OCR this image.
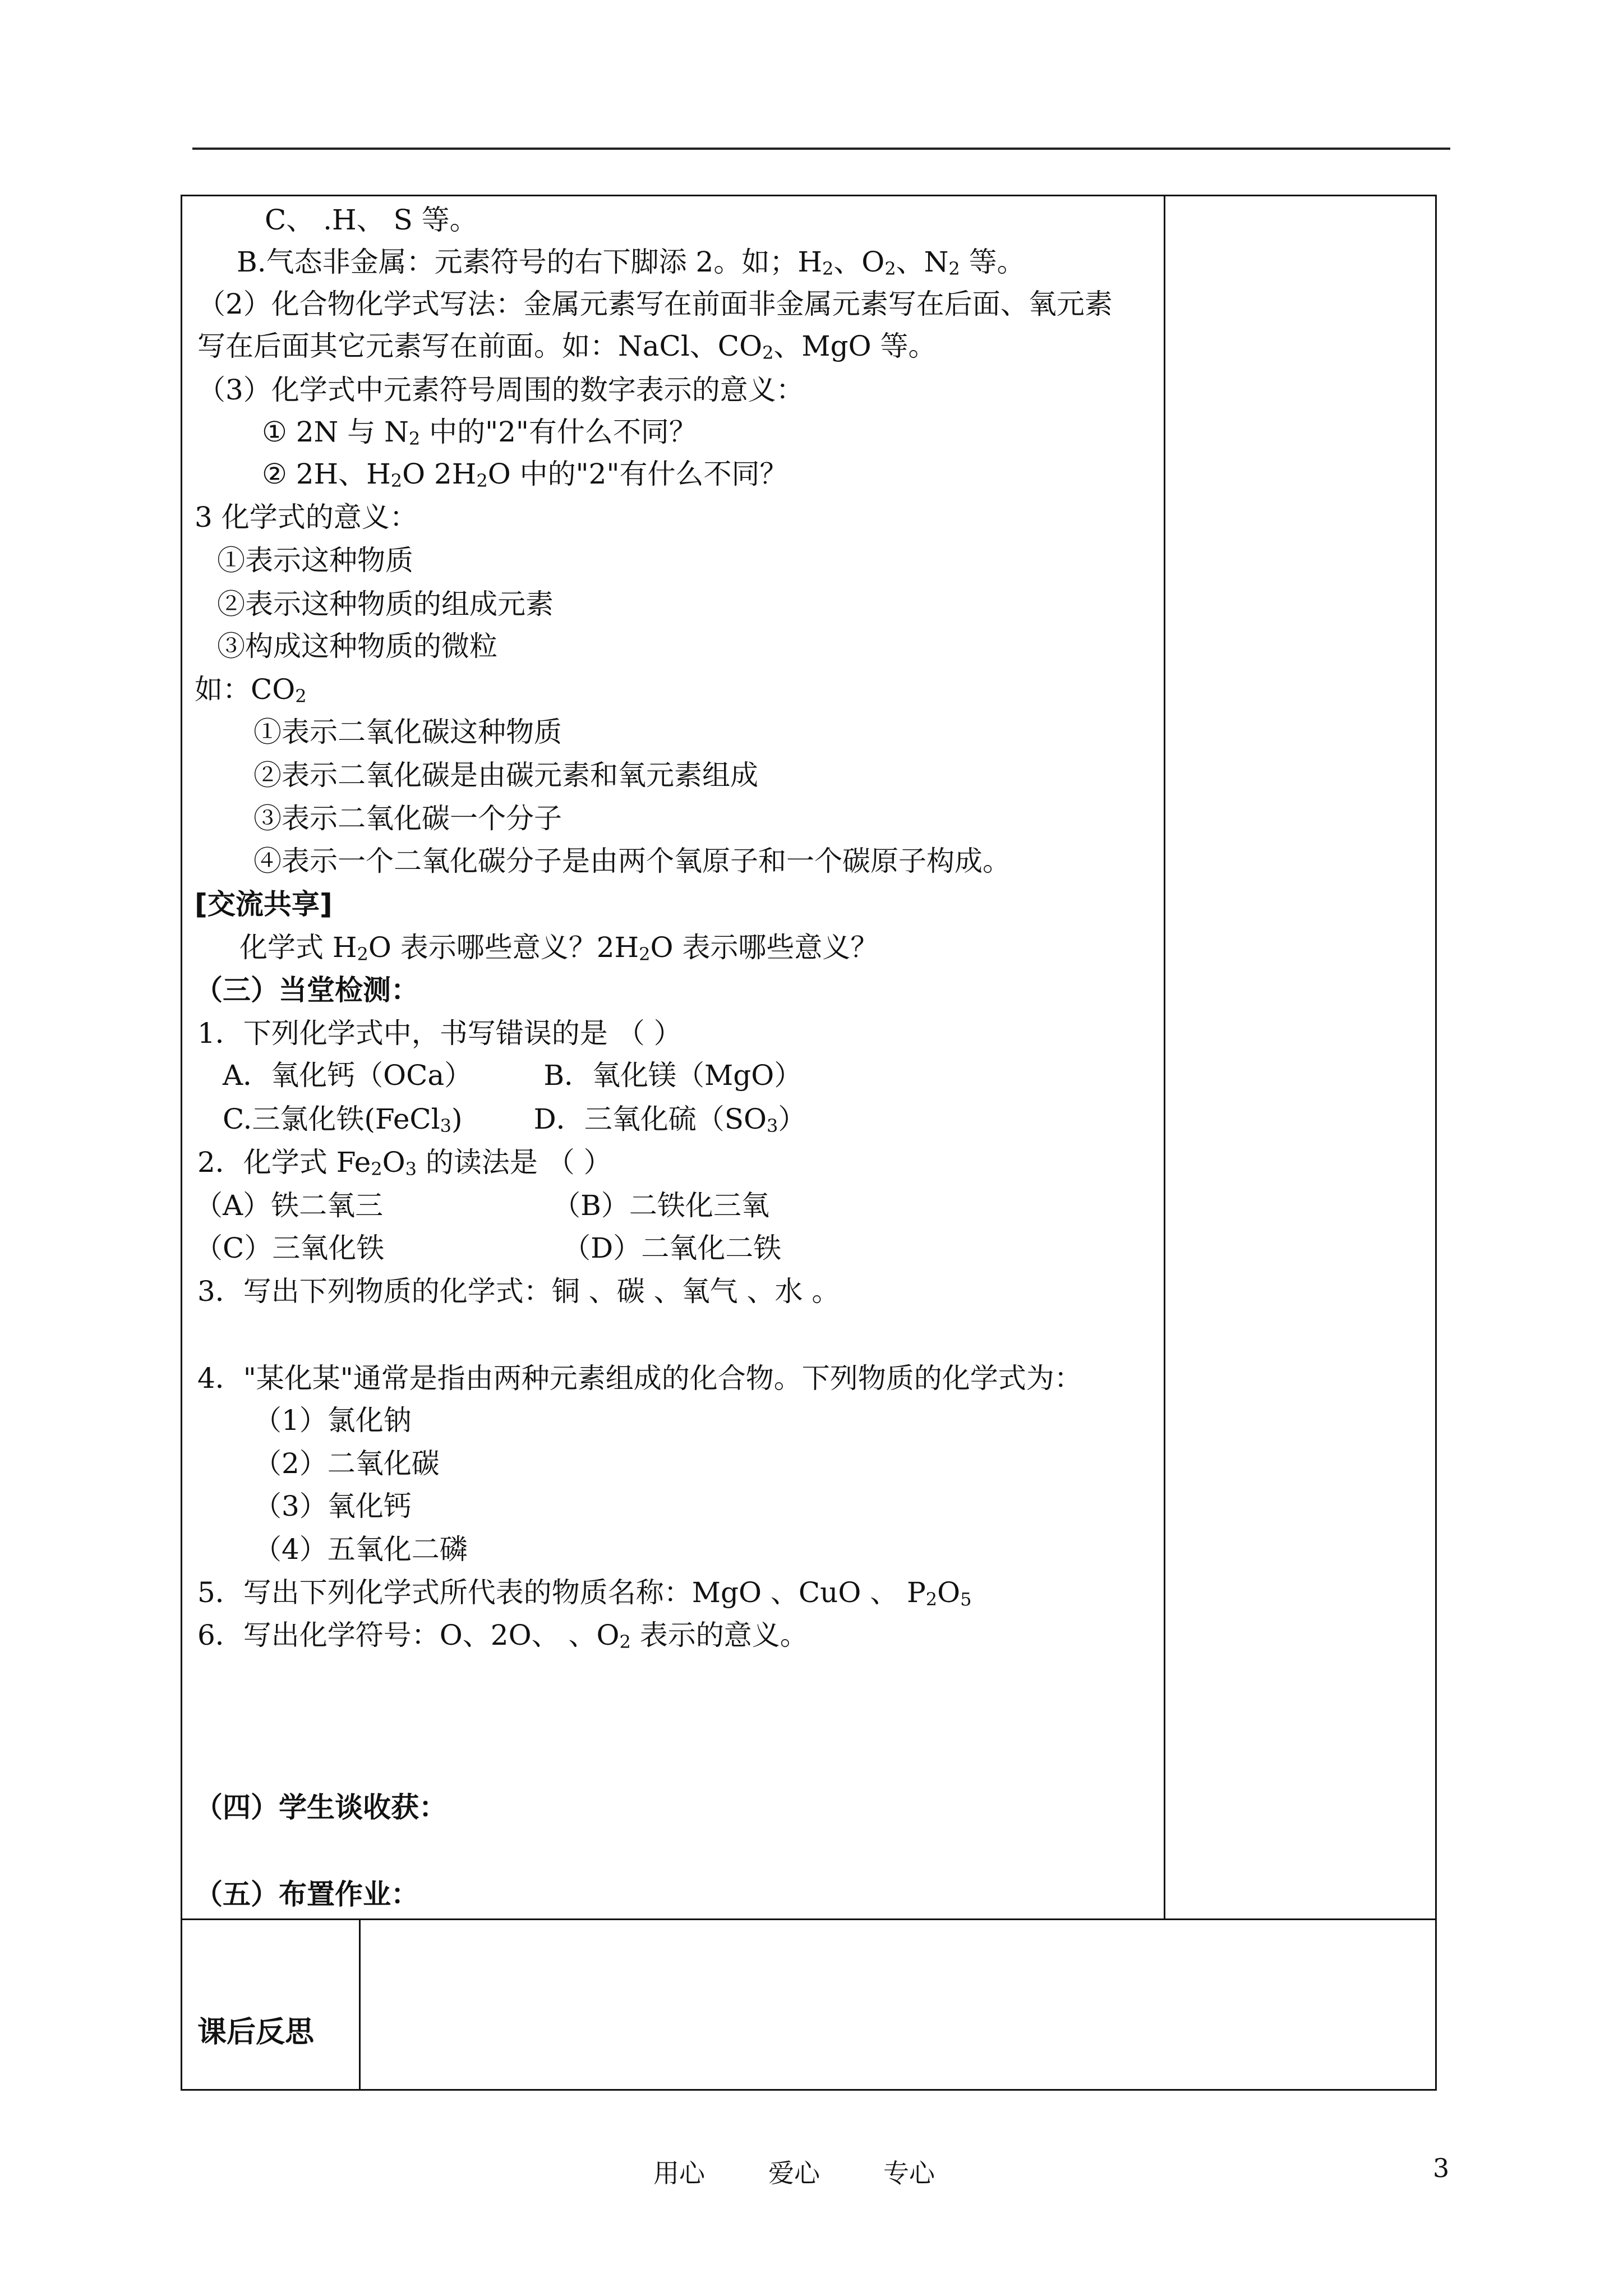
C、 .H、 S 等。
B.气态非金属：元素符号的右下脚添 2。如；$H_2$、$O_2$、$N_2$ 等。
（2）化合物化学式写法：金属元素写在前面非金属元素写在后面、氧元素
写在后面其它元素写在前面。如：NaCl、$CO_2$、MgO 等。
（3）化学式中元素符号周围的数字表示的意义：
① 2N 与 $N_2$ 中的"2"有什么不同？
② 2H、$H_2O$ $2H_2O$ 中的"2"有什么不同？
3 化学式的意义：
①表示这种物质
②表示这种物质的组成元素
③构成这种物质的微粒
如：$CO_2$
①表示二氧化碳这种物质
②表示二氧化碳是由碳元素和氧元素组成
③表示二氧化碳一个分子
④表示一个二氧化碳分子是由两个氧原子和一个碳原子构成。
[交流共享]
化学式 $H_2O$ 表示哪些意义？$2H_2O$ 表示哪些意义？
（三）当堂检测：
1．下列化学式中，书写错误的是 （ ）
A．氧化钙（OCa）        B．氧化镁（MgO）
C.三氯化铁(FeCl$_3$)        D．三氧化硫$(SO_3)$
2．化学式 $Fe_2O_3$ 的读法是 （ ）
（A）铁二氧三                   （B）二铁化三氧
（C）三氧化铁                    （D）二氧化二铁
3．写出下列物质的化学式：铜 、碳 、氧气 、水 。
4．"某化某"通常是指由两种元素组成的化合物。下列物质的化学式为：
（1）氯化钠
（2）二氧化碳
（3）氧化钙
（4）五氧化二磷
5．写出下列化学式所代表的物质名称：MgO 、CuO 、 $P_2O_5$
6．写出化学符号：O、2O、 、$O_2$ 表示的意义。
（四）学生谈收获：
（五）布置作业：
课后反思
用心 爱心 专心	3
